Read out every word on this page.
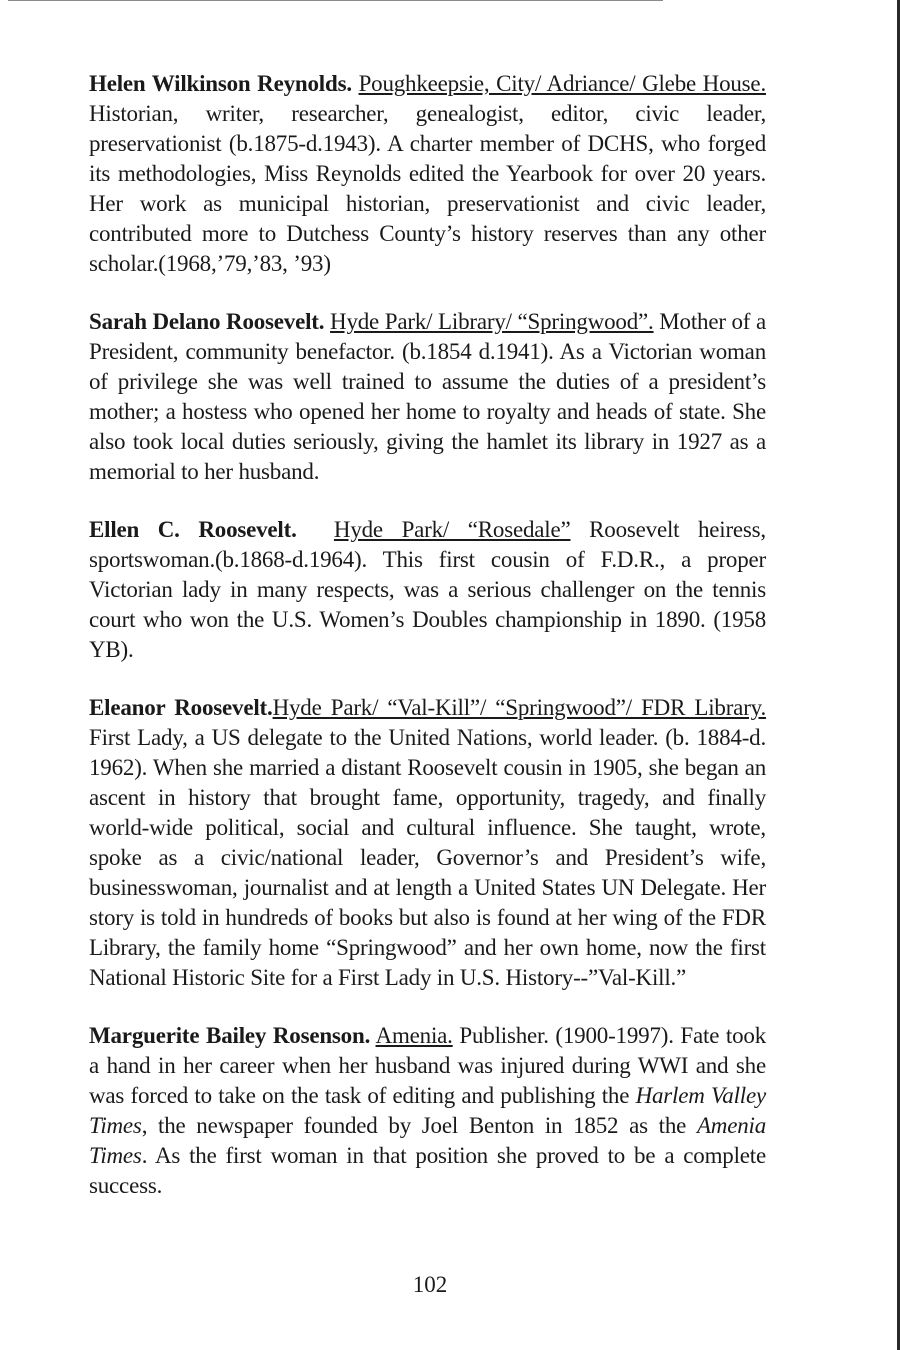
Helen Wilkinson Reynolds. Poughkeepsie, City/ Adriance/ Glebe House. Historian, writer, researcher, genealogist, editor, civic leader, preservationist (b.1875-d.1943). A charter member of DCHS, who forged its methodologies, Miss Reynolds edited the Yearbook for over 20 years. Her work as municipal historian, preservationist and civic leader, contributed more to Dutchess County’s history reserves than any other scholar.(1968,’79,’83, ’93)

Sarah Delano Roosevelt. Hyde Park/ Library/ “Springwood”. Mother of a President, community benefactor. (b.1854 d.1941). As a Victorian woman of privilege she was well trained to assume the duties of a president’s mother; a hostess who opened her home to royalty and heads of state. She also took local duties seriously, giving the hamlet its library in 1927 as a memorial to her husband.

Ellen C. Roosevelt. Hyde Park/ “Rosedale” Roosevelt heiress, sportswoman.(b.1868-d.1964). This first cousin of F.D.R., a proper Victorian lady in many respects, was a serious challenger on the tennis court who won the U.S. Women’s Doubles championship in 1890. (1958 YB).

Eleanor Roosevelt.Hyde Park/ “Val-Kill”/ “Springwood”/ FDR Library. First Lady, a US delegate to the United Nations, world leader. (b. 1884-d. 1962). When she married a distant Roosevelt cousin in 1905, she began an ascent in history that brought fame, opportunity, tragedy, and finally world-wide political, social and cultural influence. She taught, wrote, spoke as a civic/national leader, Governor’s and President’s wife, businesswoman, journalist and at length a United States UN Delegate. Her story is told in hundreds of books but also is found at her wing of the FDR Library, the family home “Springwood” and her own home, now the first National Historic Site for a First Lady in U.S. History--”Val-Kill.”

Marguerite Bailey Rosenson. Amenia. Publisher. (1900-1997). Fate took a hand in her career when her husband was injured during WWI and she was forced to take on the task of editing and publishing the Harlem Valley Times, the newspaper founded by Joel Benton in 1852 as the Amenia Times. As the first woman in that position she proved to be a complete success.

102
